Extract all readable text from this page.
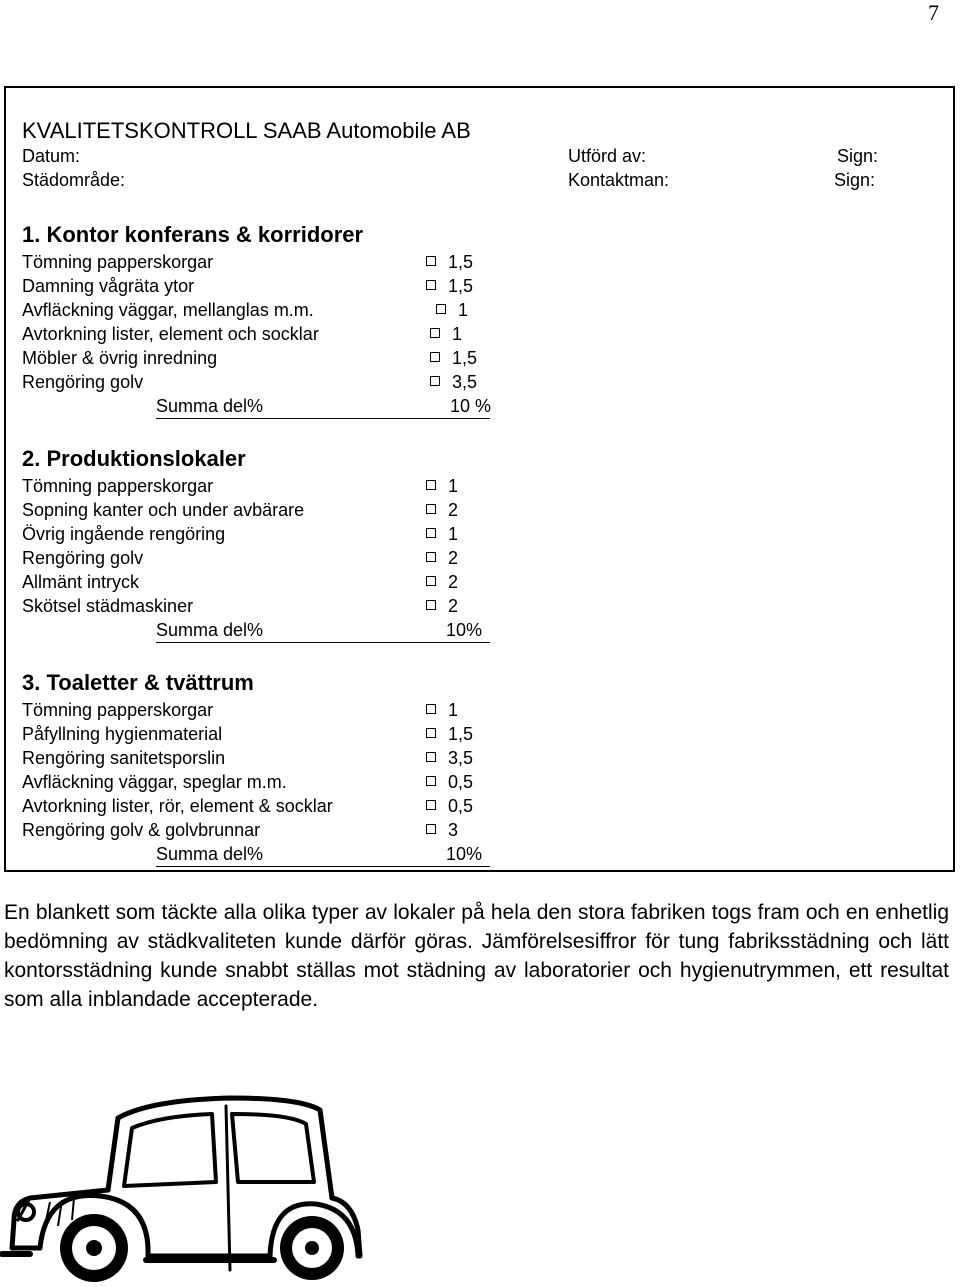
7
KVALITETSKONTROLL SAAB Automobile AB
Datum:	Utförd av:	Sign:
Städområde:	Kontaktman:	Sign:
1. Kontor konferans & korridorer
Tömning papperskorgar	1,5
Damning vågräta ytor	1,5
Avfläckning väggar, mellanglas m.m.	1
Avtorkning lister, element och socklar	1
Möbler & övrig inredning	1,5
Rengöring golv	3,5
Summa del%	10 %
2. Produktionslokaler
Tömning papperskorgar	1
Sopning kanter och under avbärare	2
Övrig ingående rengöring	1
Rengöring golv	2
Allmänt intryck	2
Skötsel städmaskiner	2
Summa del%	10%
3. Toaletter & tvättrum
Tömning papperskorgar	1
Påfyllning hygienmaterial	1,5
Rengöring sanitetsporslin	3,5
Avfläckning väggar, speglar m.m.	0,5
Avtorkning lister, rör, element & socklar	0,5
Rengöring golv & golvbrunnar	3
Summa del%	10%
En blankett som täckte alla olika typer av lokaler på hela den stora fabriken togs fram och en enhetlig bedömning av städkvaliteten kunde därför göras. Jämförelsesiffror för tung fabriksstädning och lätt kontorsstädning kunde snabbt ställas mot städning av laboratorier och hygienutrymmen, ett resultat som alla inblandade accepterade.
